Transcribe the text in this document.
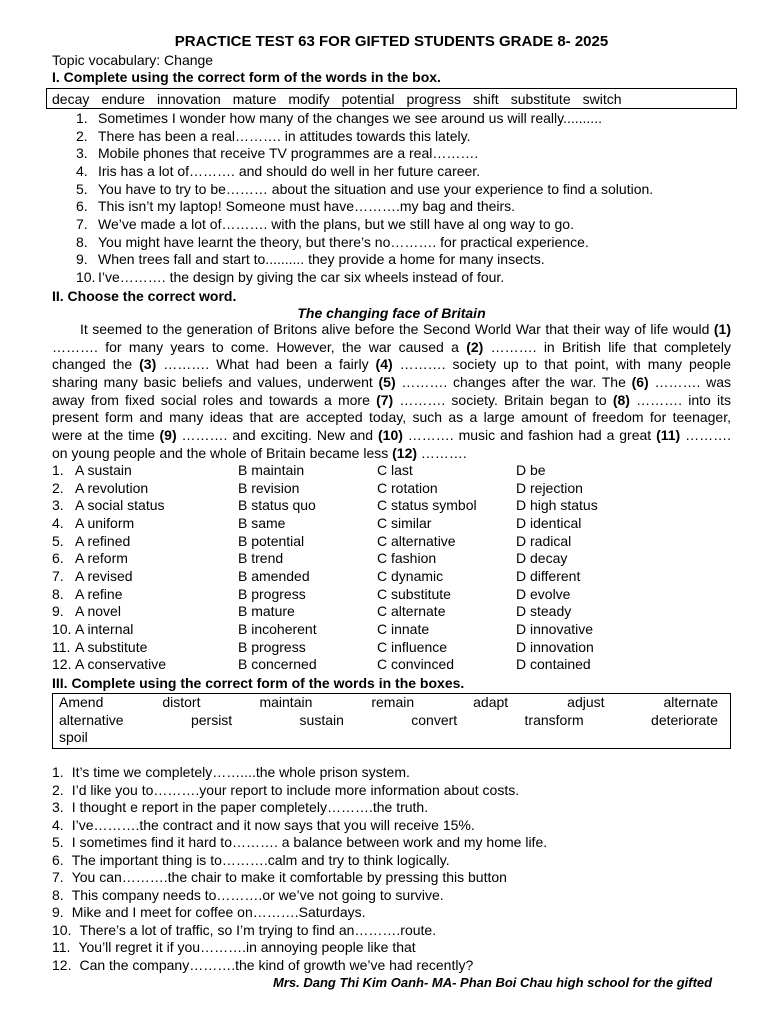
PRACTICE TEST 63 FOR GIFTED STUDENTS GRADE 8- 2025
Topic vocabulary: Change
I. Complete using the correct form of the words in the box.
decay endure innovation mature modify potential progress shift substitute switch
1. Sometimes I wonder how many of the changes we see around us will really..........
2. There has been a real………. in attitudes towards this lately.
3. Mobile phones that receive TV programmes are a real……….
4. Iris has a lot of………. and should do well in her future career.
5. You have to try to be……… about the situation and use your experience to find a solution.
6. This isn’t my laptop! Someone must have……….my bag and theirs.
7. We’ve made a lot of………. with the plans, but we still have al ong way to go.
8. You might have learnt the theory, but there’s no………. for practical experience.
9. When trees fall and start to.......... they provide a home for many insects.
10. I’ve………. the design by giving the car six wheels instead of four.
II. Choose the correct word.
The changing face of Britain
It seemed to the generation of Britons alive before the Second World War that their way of life would (1)
………. for many years to come. However, the war caused a (2) ………. in British life that completely
changed the (3) ………. What had been a fairly (4) ………. society up to that point, with many people
sharing many basic beliefs and values, underwent (5) ………. changes after the war. The (6) ………. was
away from fixed social roles and towards a more (7) ………. society. Britain began to (8) ………. into its
present form and many ideas that are accepted today, such as a large amount of freedom for teenager,
were at the time (9) ………. and exciting. New and (10) ………. music and fashion had a great (11) ……….
on young people and the whole of Britain became less (12) ……….
1. A sustain	B maintain	C last	D be
2. A revolution	B revision	C rotation	D rejection
3. A social status	B status quo	C status symbol	D high status
4. A uniform	B same	C similar	D identical
5. A refined	B potential	C alternative	D radical
6. A reform	B trend	C fashion	D decay
7. A revised	B amended	C dynamic	D different
8. A refine	B progress	C substitute	D evolve
9. A novel	B mature	C alternate	D steady
10. A internal	B incoherent	C innate	D innovative
11. A substitute	B progress	C influence	D innovation
12. A conservative	B concerned	C convinced	D contained
III. Complete using the correct form of the words in the boxes.
Amend	distort	maintain	remain	adapt	adjust	alternate
alternative	persist	sustain	convert	transform	deteriorate
spoil
1. It’s time we completely……....the whole prison system.
2. I’d like you to……….your report to include more information about costs.
3. I thought e report in the paper completely……….the truth.
4. I’ve……….the contract and it now says that you will receive 15%.
5. I sometimes find it hard to………. a balance between work and my home life.
6. The important thing is to……….calm and try to think logically.
7. You can……….the chair to make it comfortable by pressing this button
8. This company needs to……….or we’ve not going to survive.
9. Mike and I meet for coffee on……….Saturdays.
10. There’s a lot of traffic, so I’m trying to find an……….route.
11. You’ll regret it if you……….in annoying people like that
12. Can the company……….the kind of growth we’ve had recently?
Mrs. Dang Thi Kim Oanh- MA- Phan Boi Chau high school for the gifted
